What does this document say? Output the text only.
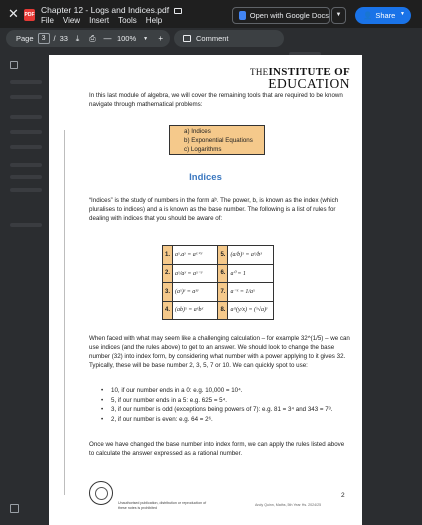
✕ PDF Chapter 12 - Logs and Indices.pdf
File View Insert Tools Help
Open with Google Docs	▼	👤 Share ▼
Page	3	/ 33 ⤓	⎙ — 100%	▼	+	Comment
THEINSTITUTE OF
EDUCATION

In this last module of algebra, we will cover the remaining tools that are required to be known navigate through mathematical problems:

a) Indices
b) Exponential Equations
c) Logarithms
Indices

“Indices” is the study of numbers in the form aᵇ. The power, b, is known as the index (which pluralises to indices) and a is known as the base number. The following is a list of rules for dealing with indices that you should be aware of:

1.	aˣ.aʸ = aˣ⁺ʸ	5.	(a/b)ˣ = aˣ/bˣ
2.	aˣ/aʸ = aˣ⁻ʸ	6.	a⁰ = 1
3.	(aˣ)ʸ = aˣʸ	7.	a⁻ˣ = 1/aˣ
4.	(ab)ˣ = aˣbˣ	8.	a^(y/x) = (ˣ√a)ʸ

When faced with what may seem like a challenging calculation – for example 32^(1/5) – we can use indices (and the rules above) to get to an answer. We should look to change the base number (32) into index form, by considering what number with a power applying to it gives 32. Typically, these will be base number 2, 3, 5, 7 or 10. We can quickly spot to use:

• 10, if our number ends in a 0: e.g. 10,000 = 10⁴.
• 5, if our number ends in a 5: e.g. 625 = 5⁴.
• 3, if our number is odd (exceptions being powers of 7): e.g. 81 = 3⁴ and 343 = 7³.
• 2, if our number is even: e.g. 64 = 2⁶.

Once we have changed the base number into index form, we can apply the rules listed above to calculate the answer expressed as a rational number.

Unauthorised publication, distribution or reproduction of these notes is prohibited
2
Andy Quinn, Maths, 5th Year Hs. 2024/25
